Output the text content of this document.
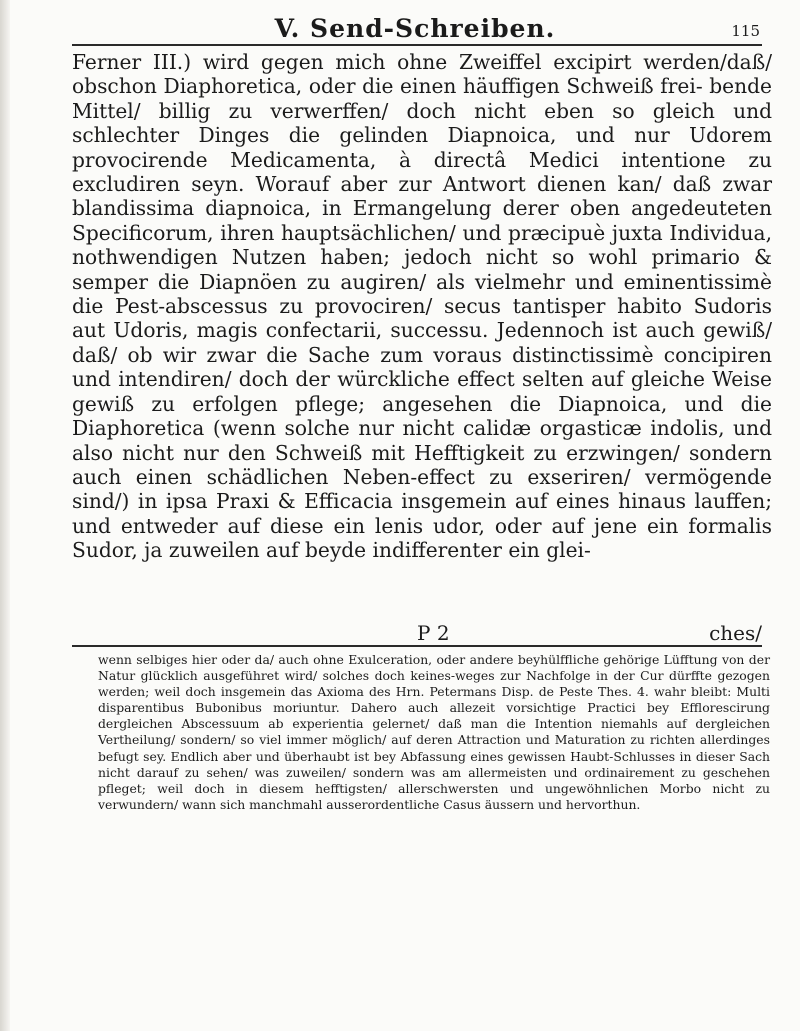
V. Send-Schreiben.	115

Ferner III.) wird gegen mich ohne Zweiffel excipirt werden/daß/ obschon Diaphoretica, oder die einen häuffigen Schweiß frei- bende Mittel/ billig zu verwerffen/ doch nicht eben so gleich und schlechter Dinges die gelinden Diapnoica, und nur Udorem provocirende Medicamenta, à directâ Medici intentione zu excludiren seyn. Worauf aber zur Antwort dienen kan/ daß zwar blandissima diapnoica, in Ermangelung derer oben angedeuteten Specificorum, ihren hauptsächlichen/ und præcipuè juxta Individua, nothwendigen Nutzen haben; jedoch nicht so wohl primario & semper die Diapnöen zu augiren/ als vielmehr und eminentissimè die Pest-abscessus zu provociren/ secus tantisper habito Sudoris aut Udoris, magis confectarii, successu. Jedennoch ist auch gewiß/ daß/ ob wir zwar die Sache zum voraus distinctissimè concipiren und intendiren/ doch der würckliche effect selten auf gleiche Weise gewiß zu erfolgen pflege; angesehen die Diapnoica, und die Diaphoretica (wenn solche nur nicht calidæ orgasticæ indolis, und also nicht nur den Schweiß mit Hefftigkeit zu erzwingen/ sondern auch einen schädlichen Neben-effect zu exseriren/ vermögende sind/) in ipsa Praxi & Efficacia insgemein auf eines hinaus lauffen; und entweder auf diese ein lenis udor, oder auf jene ein formalis Sudor, ja zuweilen auf beyde indifferenter ein glei-

P 2	ches/

wenn selbiges hier oder da/ auch ohne Exulceration, oder andere beyhülffliche gehörige Lüfftung von der Natur glücklich ausgeführet wird/ solches doch keines-weges zur Nachfolge in der Cur dürffte gezogen werden; weil doch insgemein das Axioma des Hrn. Petermans Disp. de Peste Thes. 4. wahr bleibt: Multi disparentibus Bubonibus moriuntur. Dahero auch allezeit vorsichtige Practici bey Efflorescirung dergleichen Abscessuum ab experientia gelernet/ daß man die Intention niemahls auf dergleichen Vertheilung/ sondern/ so viel immer möglich/ auf deren Attraction und Maturation zu richten allerdinges befugt sey. Endlich aber und überhaubt ist bey Abfassung eines gewissen Haubt-Schlusses in dieser Sach nicht darauf zu sehen/ was zuweilen/ sondern was am allermeisten und ordinairement zu geschehen pfleget; weil doch in diesem hefftigsten/ allerschwersten und ungewöhnlichen Morbo nicht zu verwundern/ wann sich manchmahl ausserordentliche Casus äussern und hervorthun.
